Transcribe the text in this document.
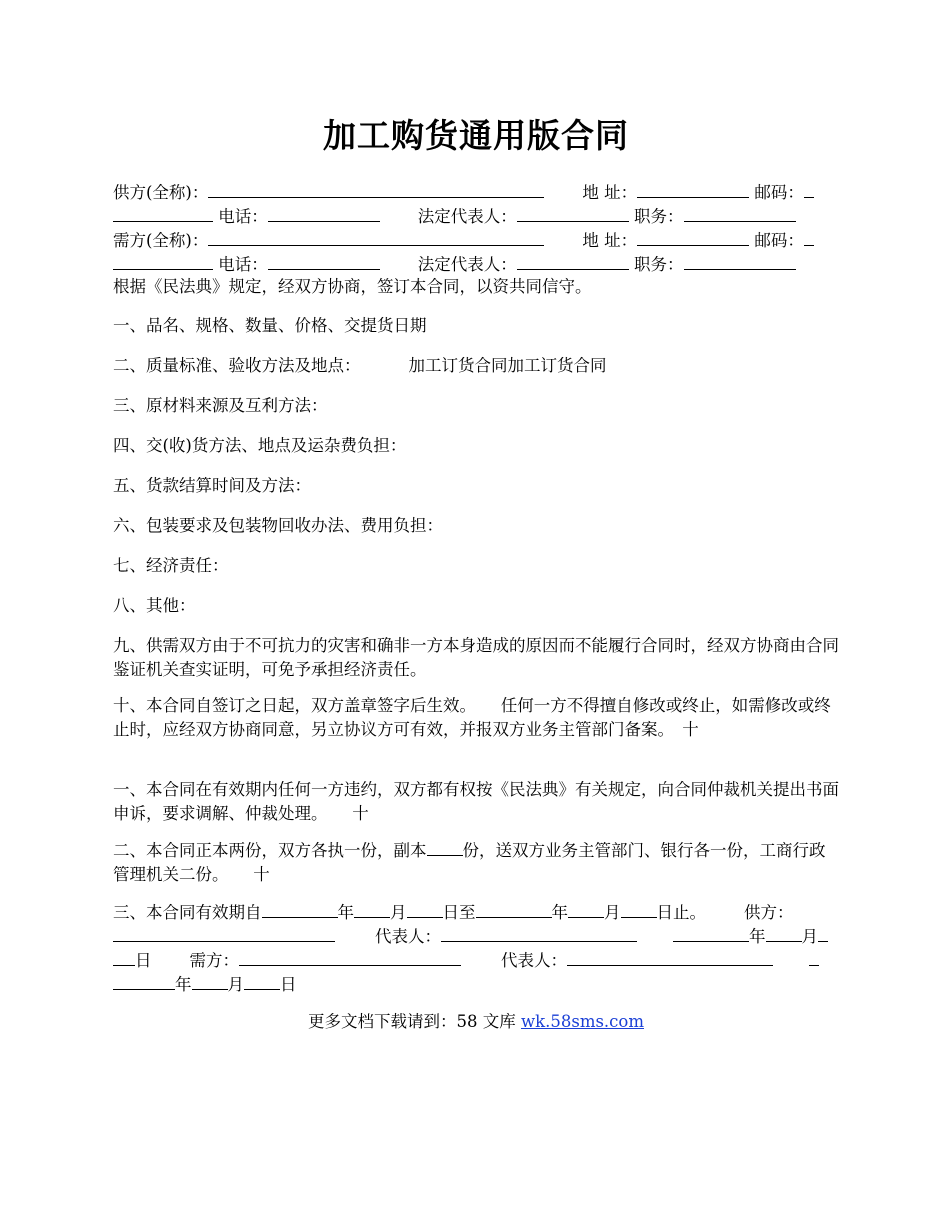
加工购货通用版合同
供方(全称)：	地 址：	邮码：
电话：	法定代表人：	职务：
需方(全称)：	地 址：	邮码：
电话：	法定代表人：	职务：
根据《民法典》规定，经双方协商，签订本合同，以资共同信守。
一、品名、规格、数量、价格、交提货日期
二、质量标准、验收方法及地点：	加工订货合同加工订货合同
三、原材料来源及互利方法：
四、交(收)货方法、地点及运杂费负担：
五、货款结算时间及方法：
六、包装要求及包装物回收办法、费用负担：
七、经济责任：
八、其他：
九、供需双方由于不可抗力的灾害和确非一方本身造成的原因而不能履行合同时，经双方协商由合同鉴证机关查实证明，可免予承担经济责任。
十、本合同自签订之日起，双方盖章签字后生效。　　任何一方不得擅自修改或终止，如需修改或终止时，应经双方协商同意，另立协议方可有效，并报双方业务主管部门备案。　十
一、本合同在有效期内任何一方违约，双方都有权按《民法典》有关规定，向合同仲裁机关提出书面申诉，要求调解、仲裁处理。　　十
二、本合同正本两份，双方各执一份，副本 份，送双方业务主管部门、银行各一份，工商行政管理机关二份。　　十
三、本合同有效期自	年 月 日至	年 月 日止。 供方：
代表人：	年 月
日 需方：	代表人：
年 月 日
更多文档下载请到：58 文库 wk.58sms.com
